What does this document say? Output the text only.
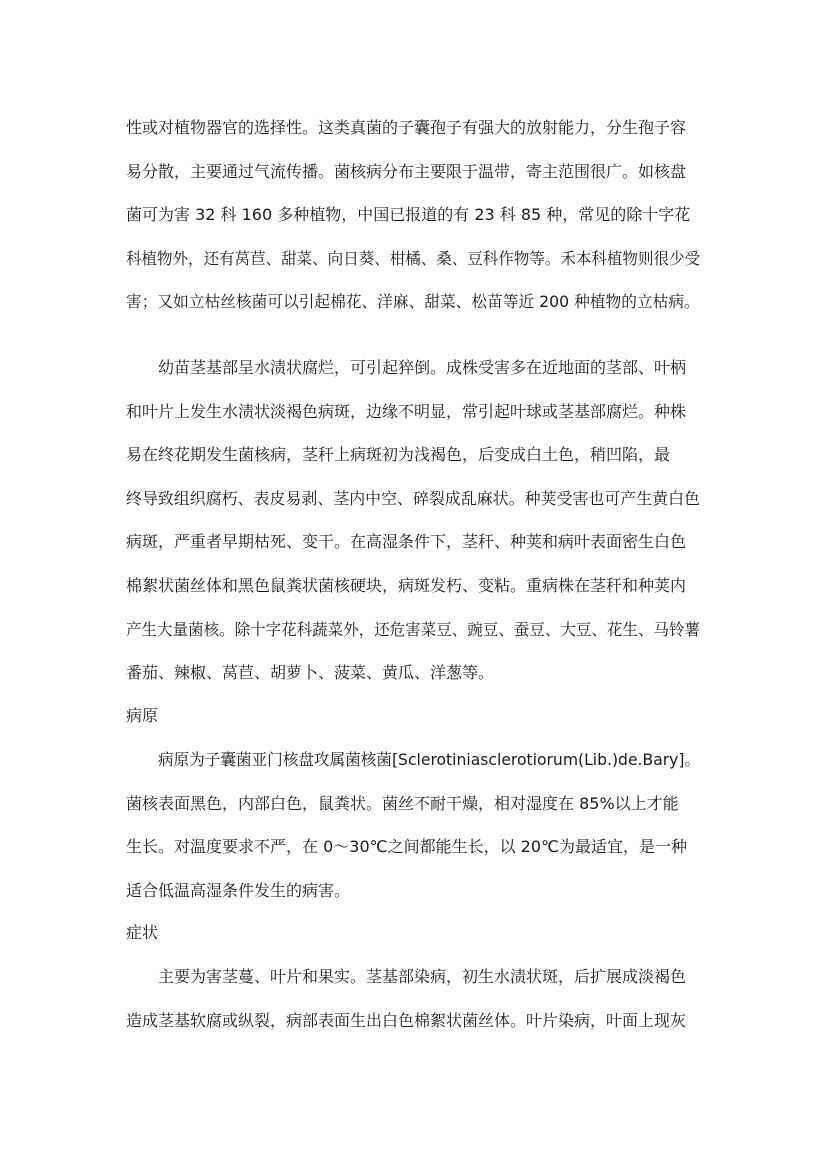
性或对植物器官的选择性。这类真菌的子囊孢子有强大的放射能力，分生孢子容
易分散，主要通过气流传播。菌核病分布主要限于温带，寄主范围很广。如核盘
菌可为害 32 科 160 多种植物，中国已报道的有 23 科 85 种，常见的除十字花
科植物外，还有莴苣、甜菜、向日葵、柑橘、桑、豆科作物等。禾本科植物则很少受
害；又如立枯丝核菌可以引起棉花、洋麻、甜菜、松苗等近 200 种植物的立枯病。
幼苗茎基部呈水渍状腐烂，可引起猝倒。成株受害多在近地面的茎部、叶柄
和叶片上发生水渍状淡褐色病斑，边缘不明显，常引起叶球或茎基部腐烂。种株
易在终花期发生菌核病，茎秆上病斑初为浅褐色，后变成白土色，稍凹陷，最
终导致组织腐朽、表皮易剥、茎内中空、碎裂成乱麻状。种荚受害也可产生黄白色
病斑，严重者早期枯死、变干。在高湿条件下，茎秆、种荚和病叶表面密生白色
棉絮状菌丝体和黑色鼠粪状菌核硬块，病斑发朽、变粘。重病株在茎秆和种荚内
产生大量菌核。除十字花科蔬菜外，还危害菜豆、豌豆、蚕豆、大豆、花生、马铃薯
番茄、辣椒、莴苣、胡萝卜、菠菜、黄瓜、洋葱等。
病原
病原为子囊菌亚门核盘攻属菌核菌[Sclerotiniasclerotiorum(Lib.)de.Bary]。
菌核表面黑色，内部白色，鼠粪状。菌丝不耐干燥，相对湿度在 85%以上才能
生长。对温度要求不严，在 0～30℃之间都能生长，以 20℃为最适宜，是一种
适合低温高湿条件发生的病害。
症状
主要为害茎蔓、叶片和果实。茎基部染病，初生水渍状斑，后扩展成淡褐色
造成茎基软腐或纵裂，病部表面生出白色棉絮状菌丝体。叶片染病，叶面上现灰
